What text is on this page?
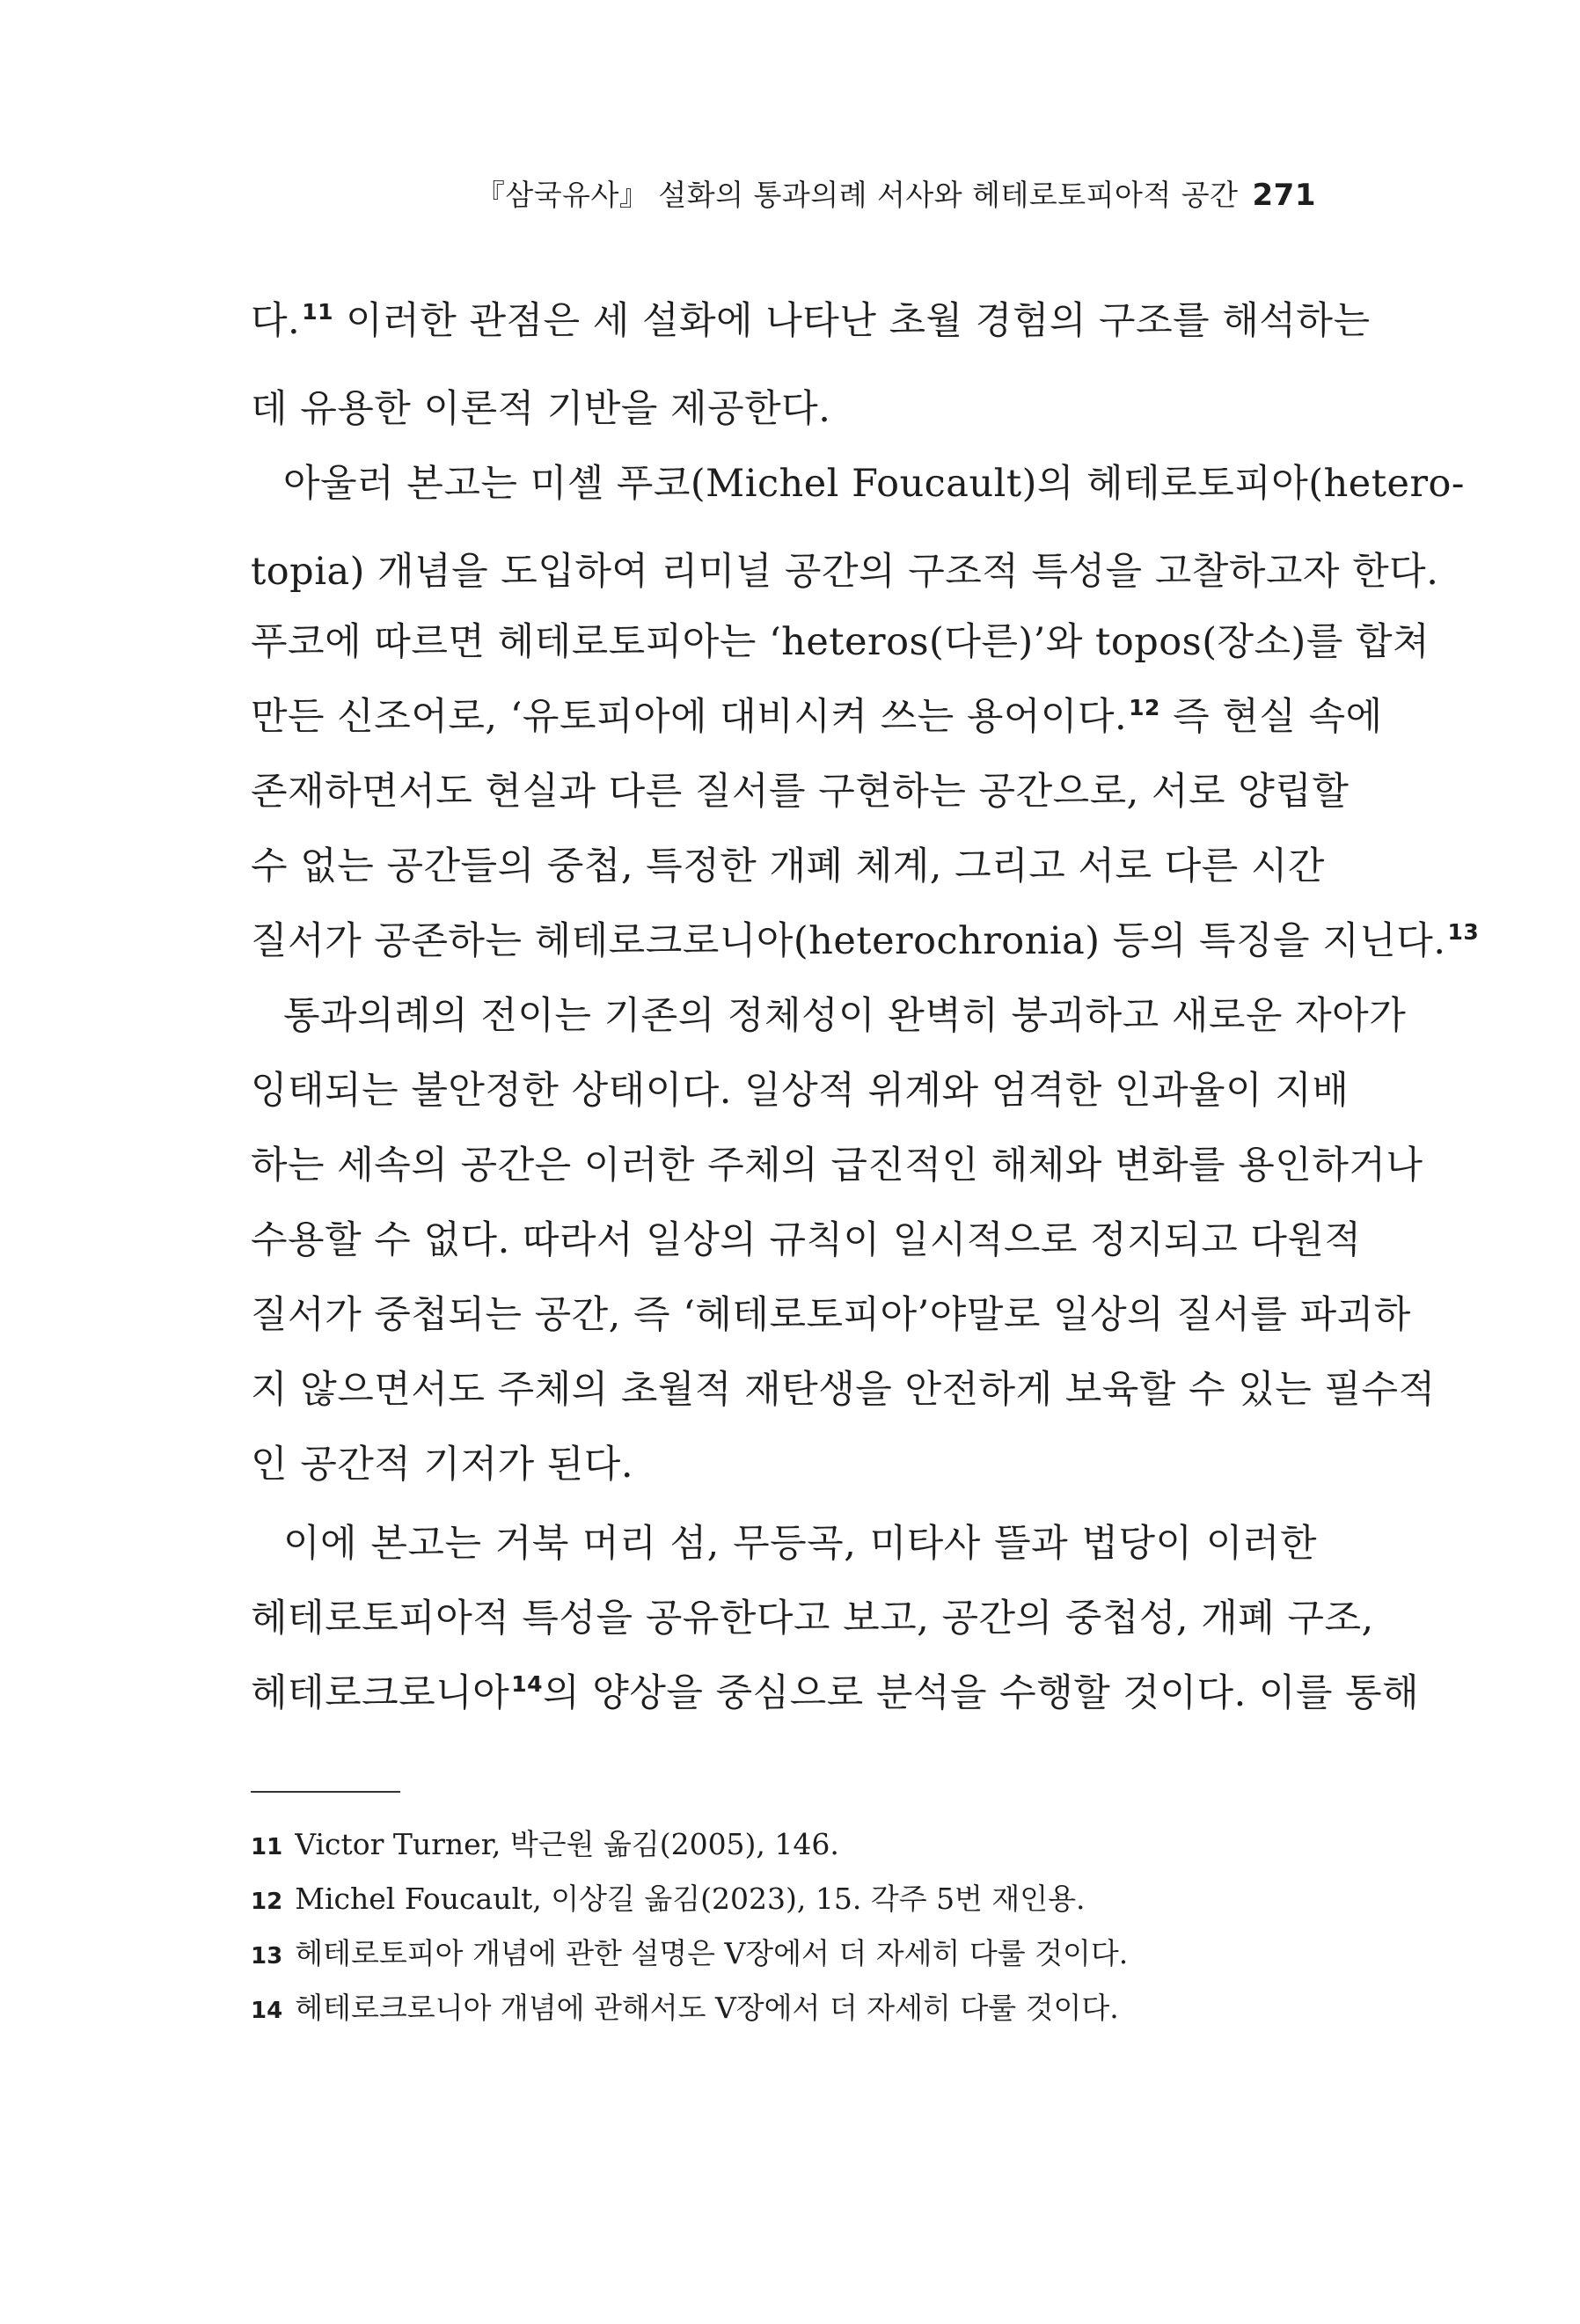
『삼국유사』 설화의 통과의례 서사와 헤테로토피아적 공간 271
다.$^{11}$ 이러한 관점은 세 설화에 나타난 초월 경험의 구조를 해석하는
데 유용한 이론적 기반을 제공한다.
아울러 본고는 미셸 푸코(Michel Foucault)의 헤테로토피아(hetero-
topia) 개념을 도입하여 리미널 공간의 구조적 특성을 고찰하고자 한다.
푸코에 따르면 헤테로토피아는 ‘heteros(다른)’와 topos(장소)를 합쳐
만든 신조어로, ‘유토피아에 대비시켜 쓰는 용어이다.$^{12}$ 즉 현실 속에
존재하면서도 현실과 다른 질서를 구현하는 공간으로, 서로 양립할
수 없는 공간들의 중첩, 특정한 개폐 체계, 그리고 서로 다른 시간
질서가 공존하는 헤테로크로니아(heterochronia) 등의 특징을 지닌다.$^{13}$
통과의례의 전이는 기존의 정체성이 완벽히 붕괴하고 새로운 자아가
잉태되는 불안정한 상태이다. 일상적 위계와 엄격한 인과율이 지배
하는 세속의 공간은 이러한 주체의 급진적인 해체와 변화를 용인하거나
수용할 수 없다. 따라서 일상의 규칙이 일시적으로 정지되고 다원적
질서가 중첩되는 공간, 즉 ‘헤테로토피아’야말로 일상의 질서를 파괴하
지 않으면서도 주체의 초월적 재탄생을 안전하게 보육할 수 있는 필수적
인 공간적 기저가 된다.
이에 본고는 거북 머리 섬, 무등곡, 미타사 뜰과 법당이 이러한
헤테로토피아적 특성을 공유한다고 보고, 공간의 중첩성, 개폐 구조,
헤테로크로니아$^{14}$의 양상을 중심으로 분석을 수행할 것이다. 이를 통해
11 Victor Turner, 박근원 옮김(2005), 146.
12 Michel Foucault, 이상길 옮김(2023), 15. 각주 5번 재인용.
13 헤테로토피아 개념에 관한 설명은 V장에서 더 자세히 다룰 것이다.
14 헤테로크로니아 개념에 관해서도 V장에서 더 자세히 다룰 것이다.
